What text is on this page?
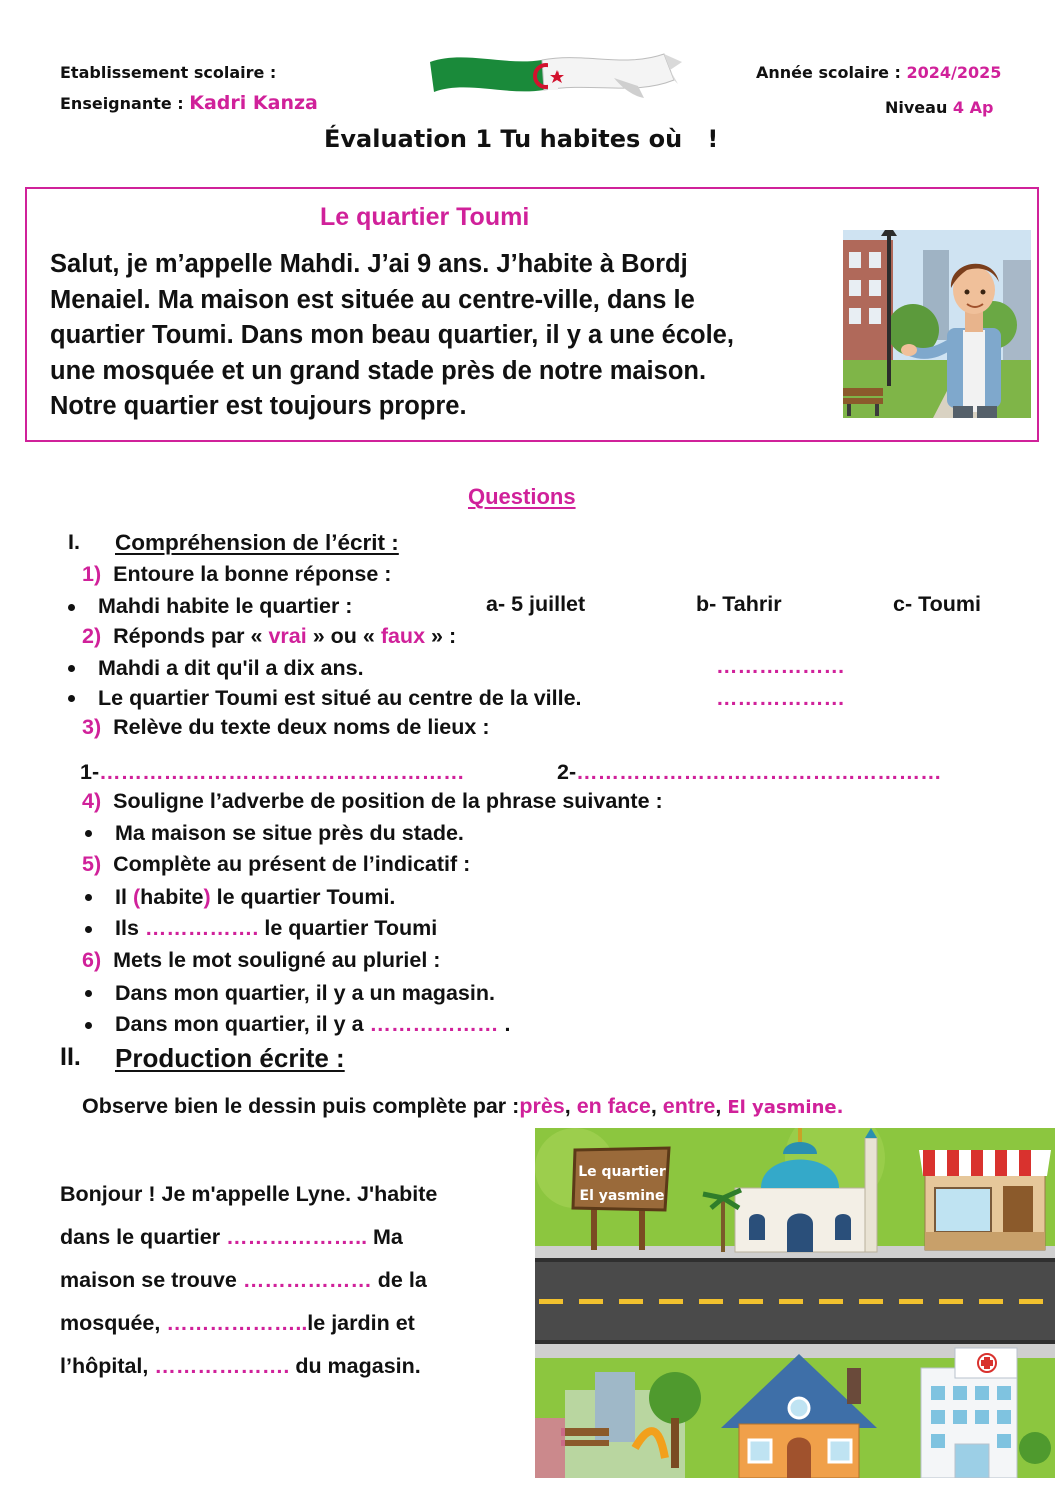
Etablissement scolaire :
Enseignante : Kadri Kanza
Année scolaire : 2024/2025
Niveau 4 Ap
Évaluation 1 Tu habites où   !
Le quartier Toumi
Salut, je m’appelle Mahdi. J’ai 9 ans. J’habite à Bordj
Menaiel. Ma maison est située au centre-ville, dans le
quartier Toumi. Dans mon beau quartier, il y a une école,
une mosquée et un grand stade près de notre maison.
Notre quartier est toujours propre.
Questions
I. Compréhension de l’écrit :
1) Entoure la bonne réponse :
Mahdi habite le quartier :	a- 5 juillet	b- Tahrir	c- Toumi
2) Réponds par « vrai » ou « faux » :
Mahdi a dit qu'il a dix ans.	………………
Le quartier Toumi est situé au centre de la ville.	………………
3) Relève du texte deux noms de lieux :
1-……………………………………………	2-……………………………………………
4) Souligne l’adverbe de position de la phrase suivante :
Ma maison se situe près du stade.
5) Complète au présent de l’indicatif :
Il (habite) le quartier Toumi.
Ils ……………. le quartier Toumi
6) Mets le mot souligné au pluriel :
Dans mon quartier, il y a un magasin.
Dans mon quartier, il y a ……………… .
II. Production écrite :
Observe bien le dessin puis complète par :près, en face, entre, El yasmine.
Bonjour ! Je m'appelle Lyne. J'habite
dans le quartier ……………….. Ma
maison se trouve ……………… de la
mosquée, ………………..le jardin et
l’hôpital, ………………. du magasin.
Le quartier
El yasmine
